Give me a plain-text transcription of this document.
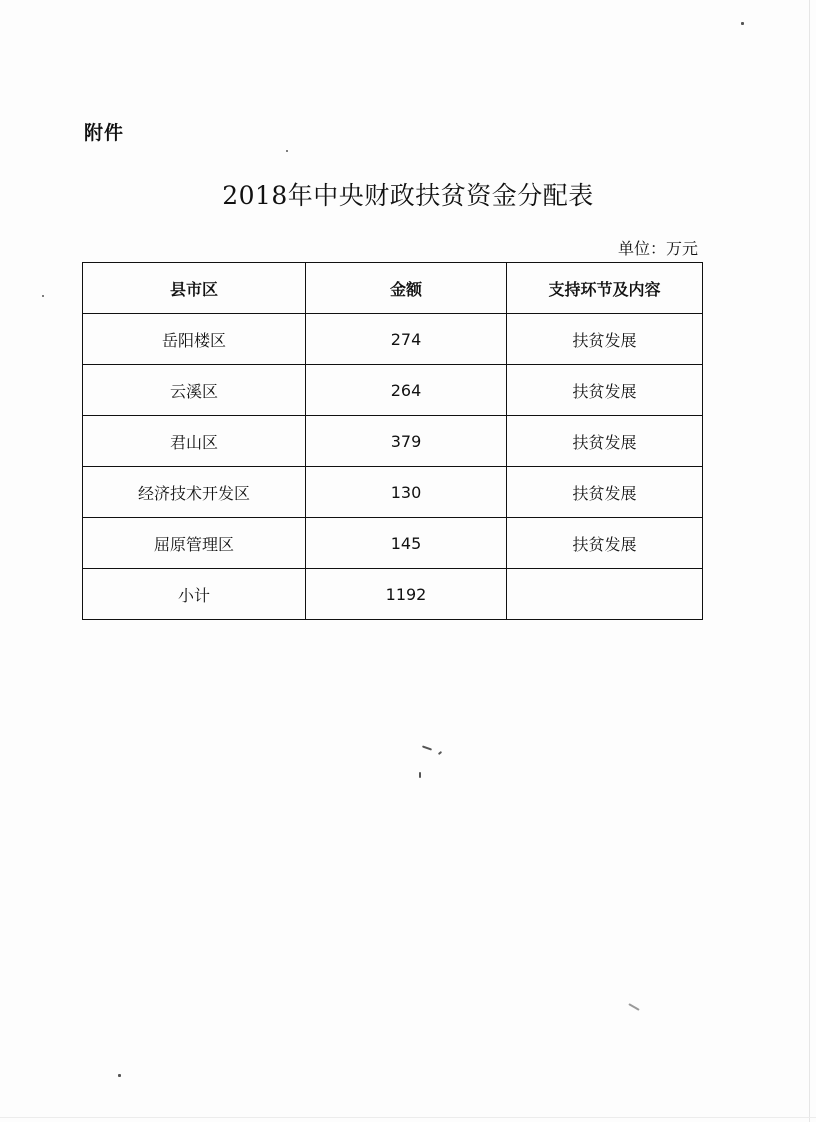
附件
2018年中央财政扶贫资金分配表
单位：万元
县市区	金额	支持环节及内容
岳阳楼区	274	扶贫发展
云溪区	264	扶贫发展
君山区	379	扶贫发展
经济技术开发区	130	扶贫发展
屈原管理区	145	扶贫发展
小计	1192	
